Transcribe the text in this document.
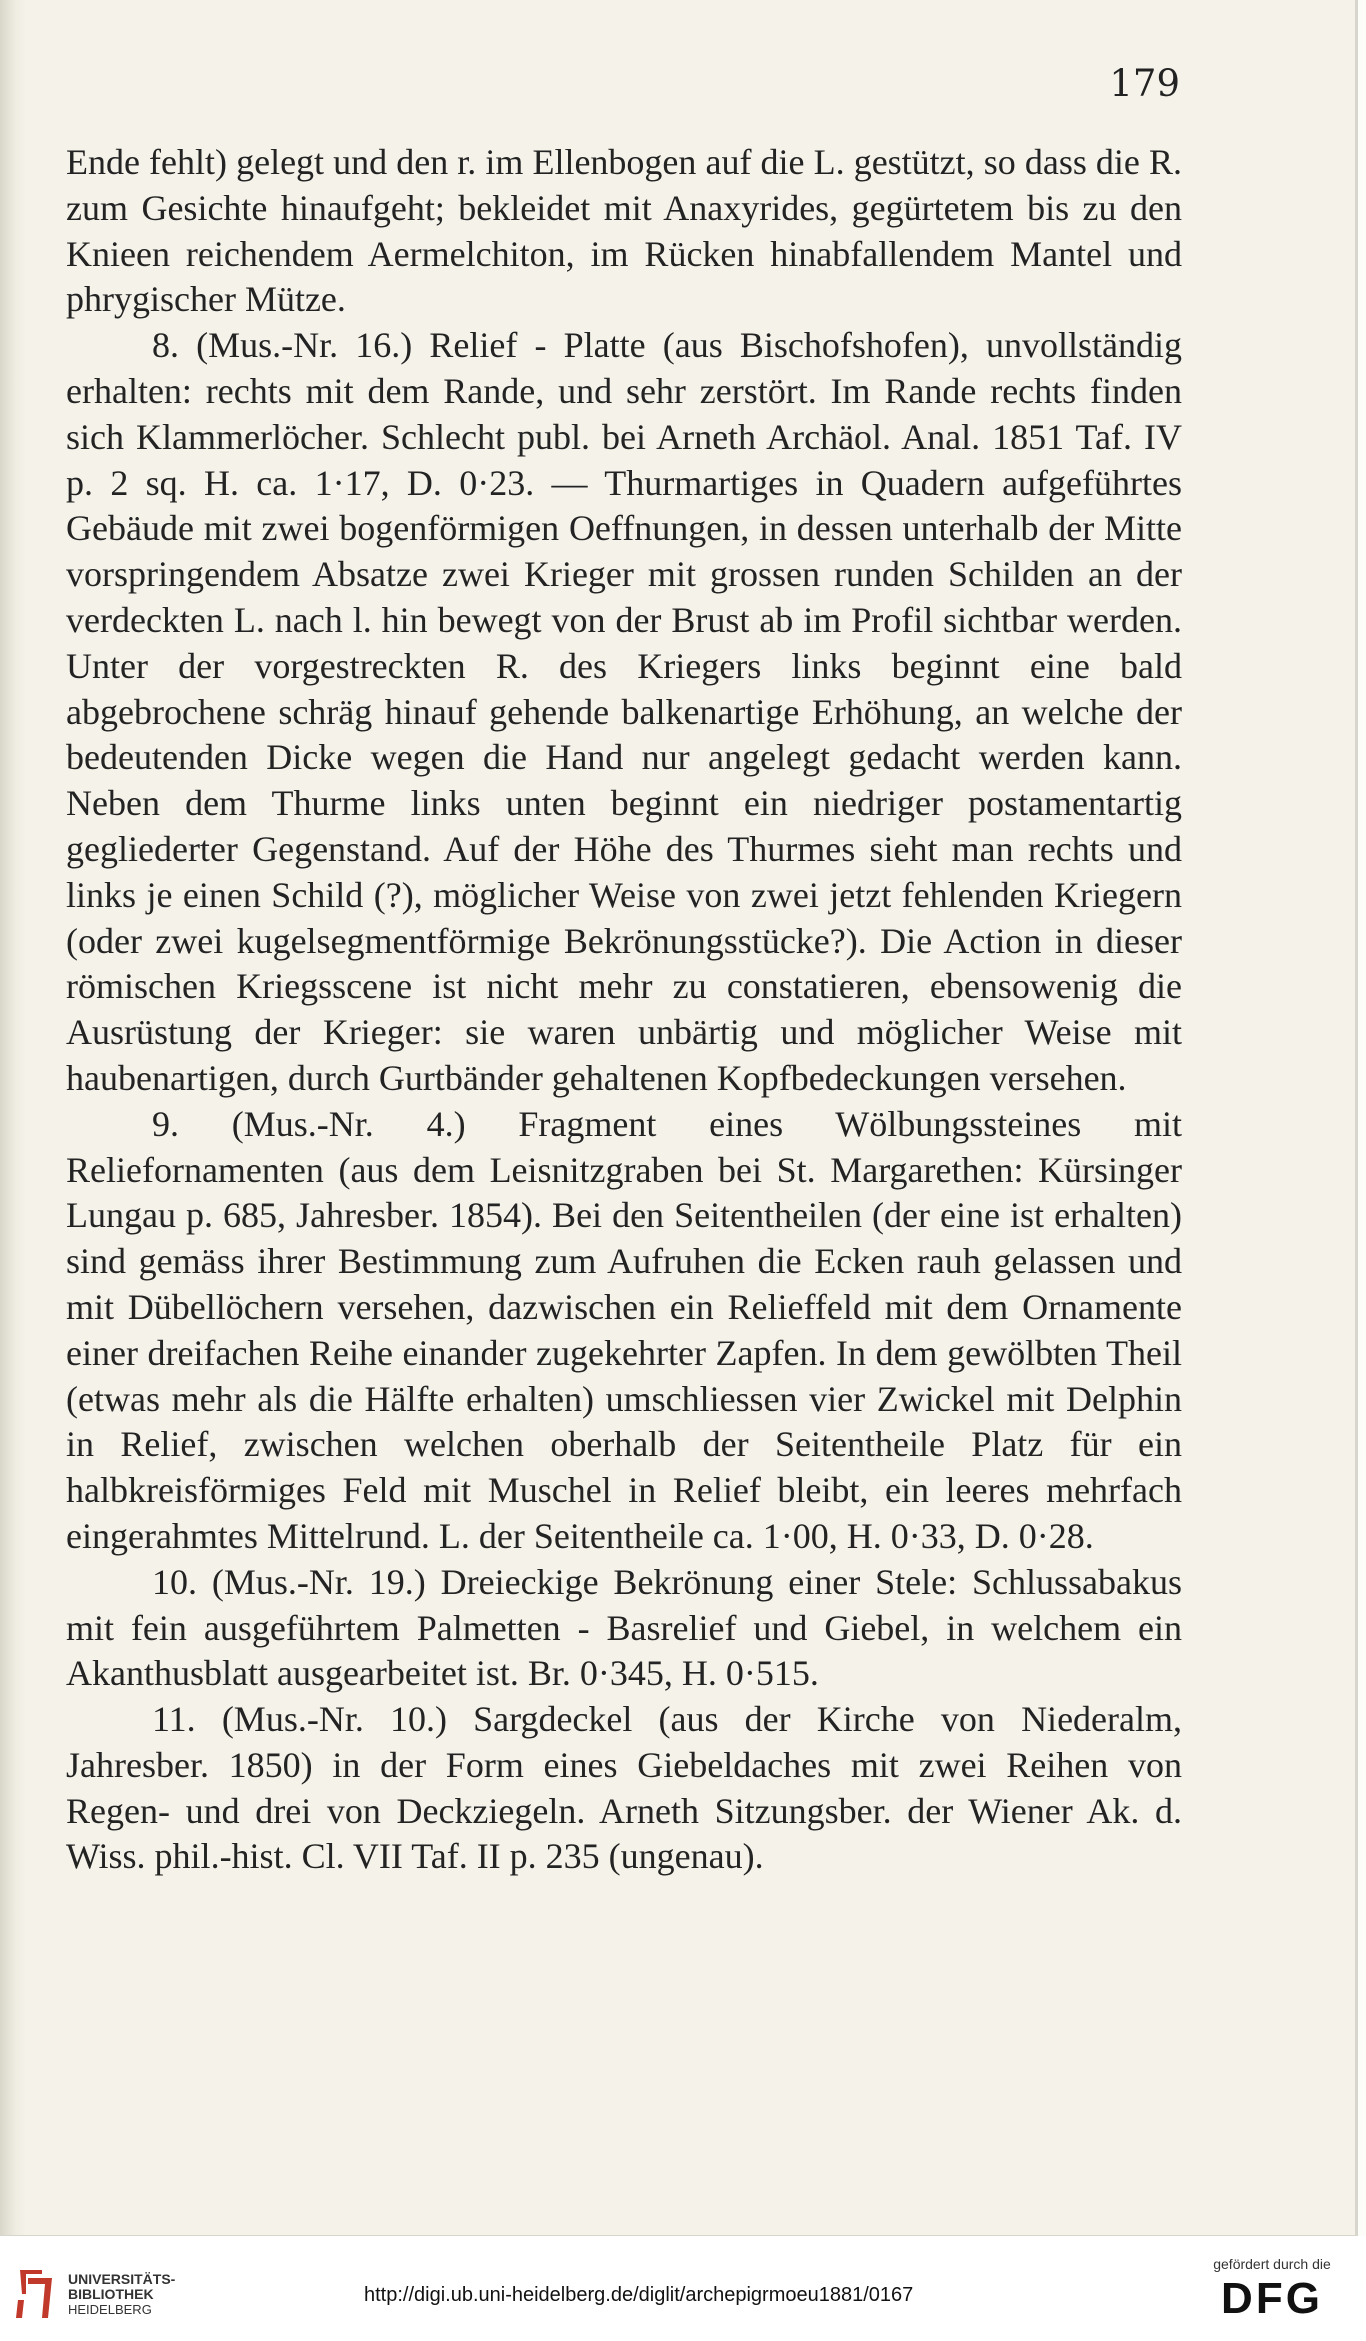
179

Ende fehlt) gelegt und den r. im Ellenbogen auf die L. gestützt, so dass die R. zum Gesichte hinaufgeht; bekleidet mit Anaxyrides, gegürtetem bis zu den Knieen reichendem Aermelchiton, im Rücken hinabfallendem Mantel und phrygischer Mütze.

8. (Mus.-Nr. 16.) Relief - Platte (aus Bischofshofen), unvollständig erhalten: rechts mit dem Rande, und sehr zerstört. Im Rande rechts finden sich Klammerlöcher. Schlecht publ. bei Arneth Archäol. Anal. 1851 Taf. IV p. 2 sq. H. ca. 1·17, D. 0·23. — Thurmartiges in Quadern aufgeführtes Gebäude mit zwei bogenförmigen Oeffnungen, in dessen unterhalb der Mitte vorspringendem Absatze zwei Krieger mit grossen runden Schilden an der verdeckten L. nach l. hin bewegt von der Brust ab im Profil sichtbar werden. Unter der vorgestreckten R. des Kriegers links beginnt eine bald abgebrochene schräg hinauf gehende balkenartige Erhöhung, an welche der bedeutenden Dicke wegen die Hand nur angelegt gedacht werden kann. Neben dem Thurme links unten beginnt ein niedriger postamentartig gegliederter Gegenstand. Auf der Höhe des Thurmes sieht man rechts und links je einen Schild (?), möglicher Weise von zwei jetzt fehlenden Kriegern (oder zwei kugelsegmentförmige Bekrönungsstücke?). Die Action in dieser römischen Kriegsscene ist nicht mehr zu constatieren, ebensowenig die Ausrüstung der Krieger: sie waren unbärtig und möglicher Weise mit haubenartigen, durch Gurtbänder gehaltenen Kopfbedeckungen versehen.

9. (Mus.-Nr. 4.) Fragment eines Wölbungssteines mit Reliefornamenten (aus dem Leisnitzgraben bei St. Margarethen: Kürsinger Lungau p. 685, Jahresber. 1854). Bei den Seitentheilen (der eine ist erhalten) sind gemäss ihrer Bestimmung zum Aufruhen die Ecken rauh gelassen und mit Dübellöchern versehen, dazwischen ein Relieffeld mit dem Ornamente einer dreifachen Reihe einander zugekehrter Zapfen. In dem gewölbten Theil (etwas mehr als die Hälfte erhalten) umschliessen vier Zwickel mit Delphin in Relief, zwischen welchen oberhalb der Seitentheile Platz für ein halbkreisförmiges Feld mit Muschel in Relief bleibt, ein leeres mehrfach eingerahmtes Mittelrund. L. der Seitentheile ca. 1·00, H. 0·33, D. 0·28.

10. (Mus.-Nr. 19.) Dreieckige Bekrönung einer Stele: Schlussabakus mit fein ausgeführtem Palmetten - Basrelief und Giebel, in welchem ein Akanthusblatt ausgearbeitet ist. Br. 0·345, H. 0·515.

11. (Mus.-Nr. 10.) Sargdeckel (aus der Kirche von Niederalm, Jahresber. 1850) in der Form eines Giebeldaches mit zwei Reihen von Regen- und drei von Deckziegeln. Arneth Sitzungsber. der Wiener Ak. d. Wiss. phil.-hist. Cl. VII Taf. II p. 235 (ungenau).

UNIVERSITÄTS-
BIBLIOTHEK
HEIDELBERG
http://digi.ub.uni-heidelberg.de/diglit/archepigrmoeu1881/0167
gefördert durch die
DFG
